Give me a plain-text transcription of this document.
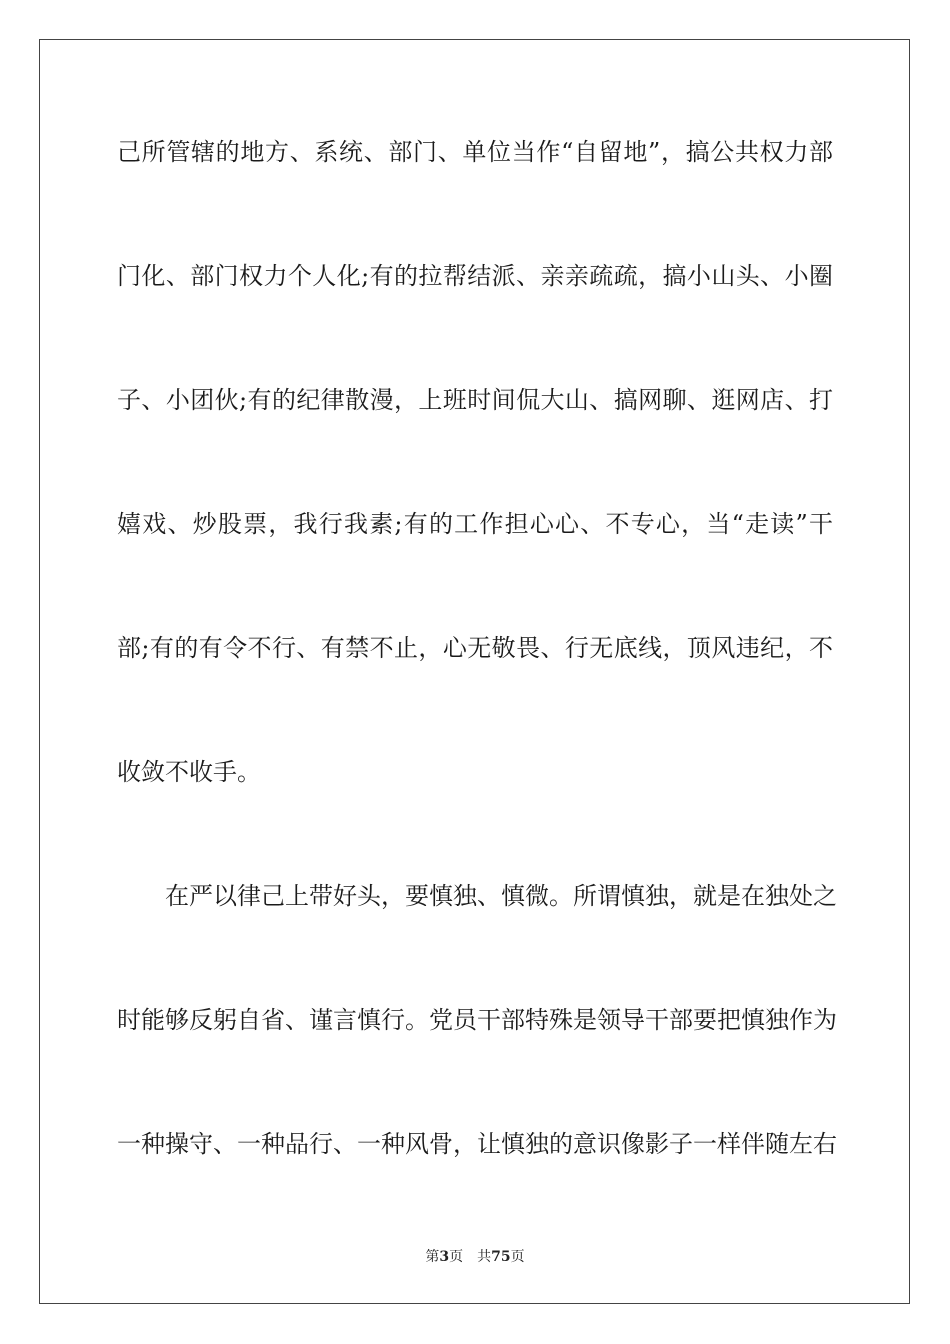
己所管辖的地方、系统、部门、单位当作“自留地”，搞公共权力部
门化、部门权力个人化;有的拉帮结派、亲亲疏疏，搞小山头、小圈
子、小团伙;有的纪律散漫，上班时间侃大山、搞网聊、逛网店、打
嬉戏、炒股票，我行我素;有的工作担心心、不专心，当“走读”干
部;有的有令不行、有禁不止，心无敬畏、行无底线，顶风违纪，不
收敛不收手。
在严以律己上带好头，要慎独、慎微。所谓慎独，就是在独处之
时能够反躬自省、谨言慎行。党员干部特殊是领导干部要把慎独作为
一种操守、一种品行、一种风骨，让慎独的意识像影子一样伴随左右
第3页 共75页
